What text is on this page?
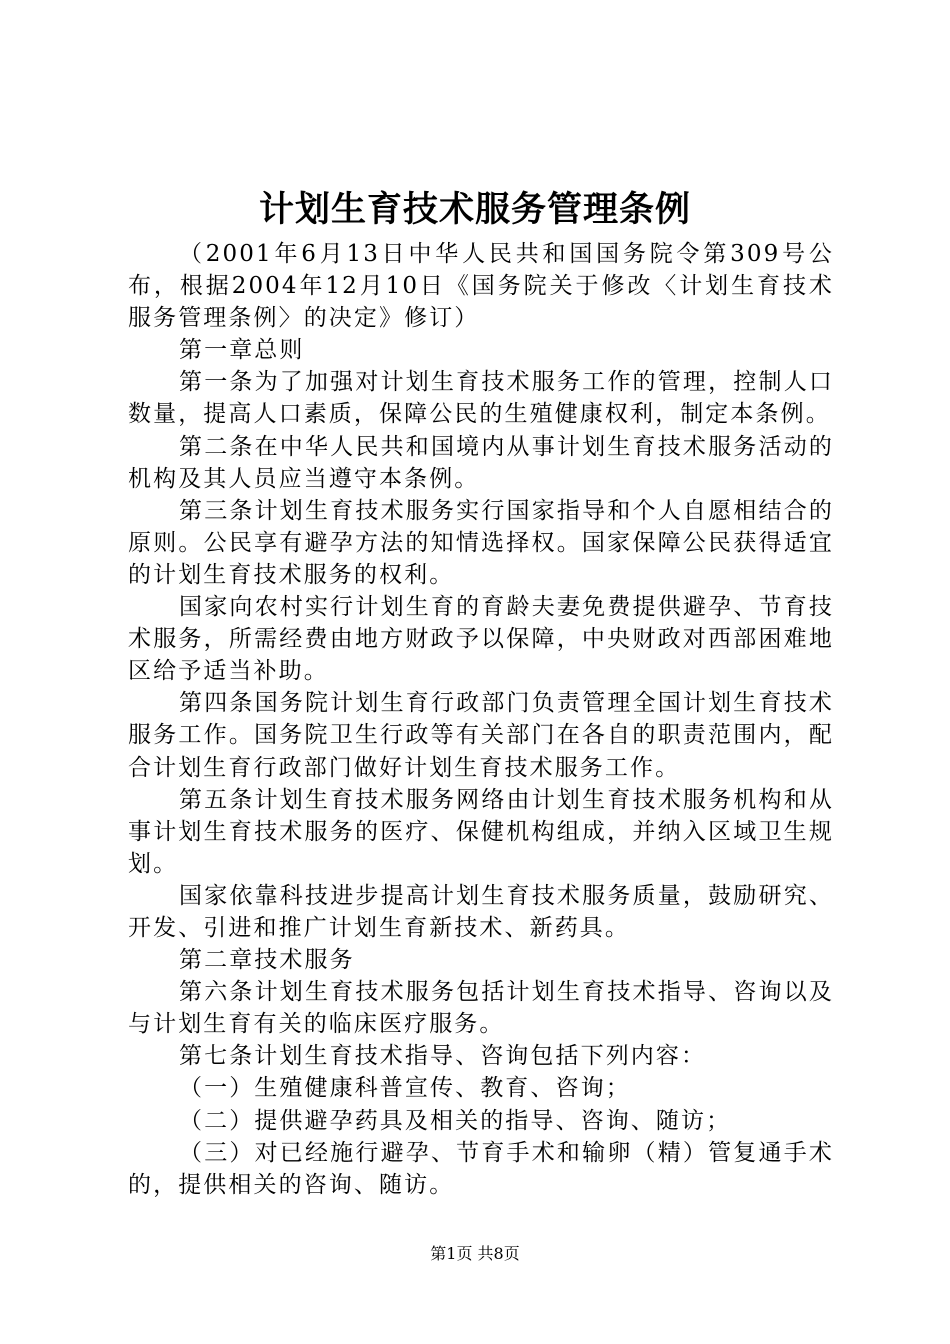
计划生育技术服务管理条例

（2001年6月13日中华人民共和国国务院令第309号公布，根据2004年12月10日《国务院关于修改〈计划生育技术服务管理条例〉的决定》修订）

第一章总则

第一条为了加强对计划生育技术服务工作的管理，控制人口数量，提高人口素质，保障公民的生殖健康权利，制定本条例。

第二条在中华人民共和国境内从事计划生育技术服务活动的机构及其人员应当遵守本条例。

第三条计划生育技术服务实行国家指导和个人自愿相结合的原则。公民享有避孕方法的知情选择权。国家保障公民获得适宜的计划生育技术服务的权利。

国家向农村实行计划生育的育龄夫妻免费提供避孕、节育技术服务，所需经费由地方财政予以保障，中央财政对西部困难地区给予适当补助。

第四条国务院计划生育行政部门负责管理全国计划生育技术服务工作。国务院卫生行政等有关部门在各自的职责范围内，配合计划生育行政部门做好计划生育技术服务工作。

第五条计划生育技术服务网络由计划生育技术服务机构和从事计划生育技术服务的医疗、保健机构组成，并纳入区域卫生规划。

国家依靠科技进步提高计划生育技术服务质量，鼓励研究、开发、引进和推广计划生育新技术、新药具。

第二章技术服务

第六条计划生育技术服务包括计划生育技术指导、咨询以及与计划生育有关的临床医疗服务。

第七条计划生育技术指导、咨询包括下列内容：

（一）生殖健康科普宣传、教育、咨询；

（二）提供避孕药具及相关的指导、咨询、随访；

（三）对已经施行避孕、节育手术和输卵（精）管复通手术的，提供相关的咨询、随访。

第1页 共8页
